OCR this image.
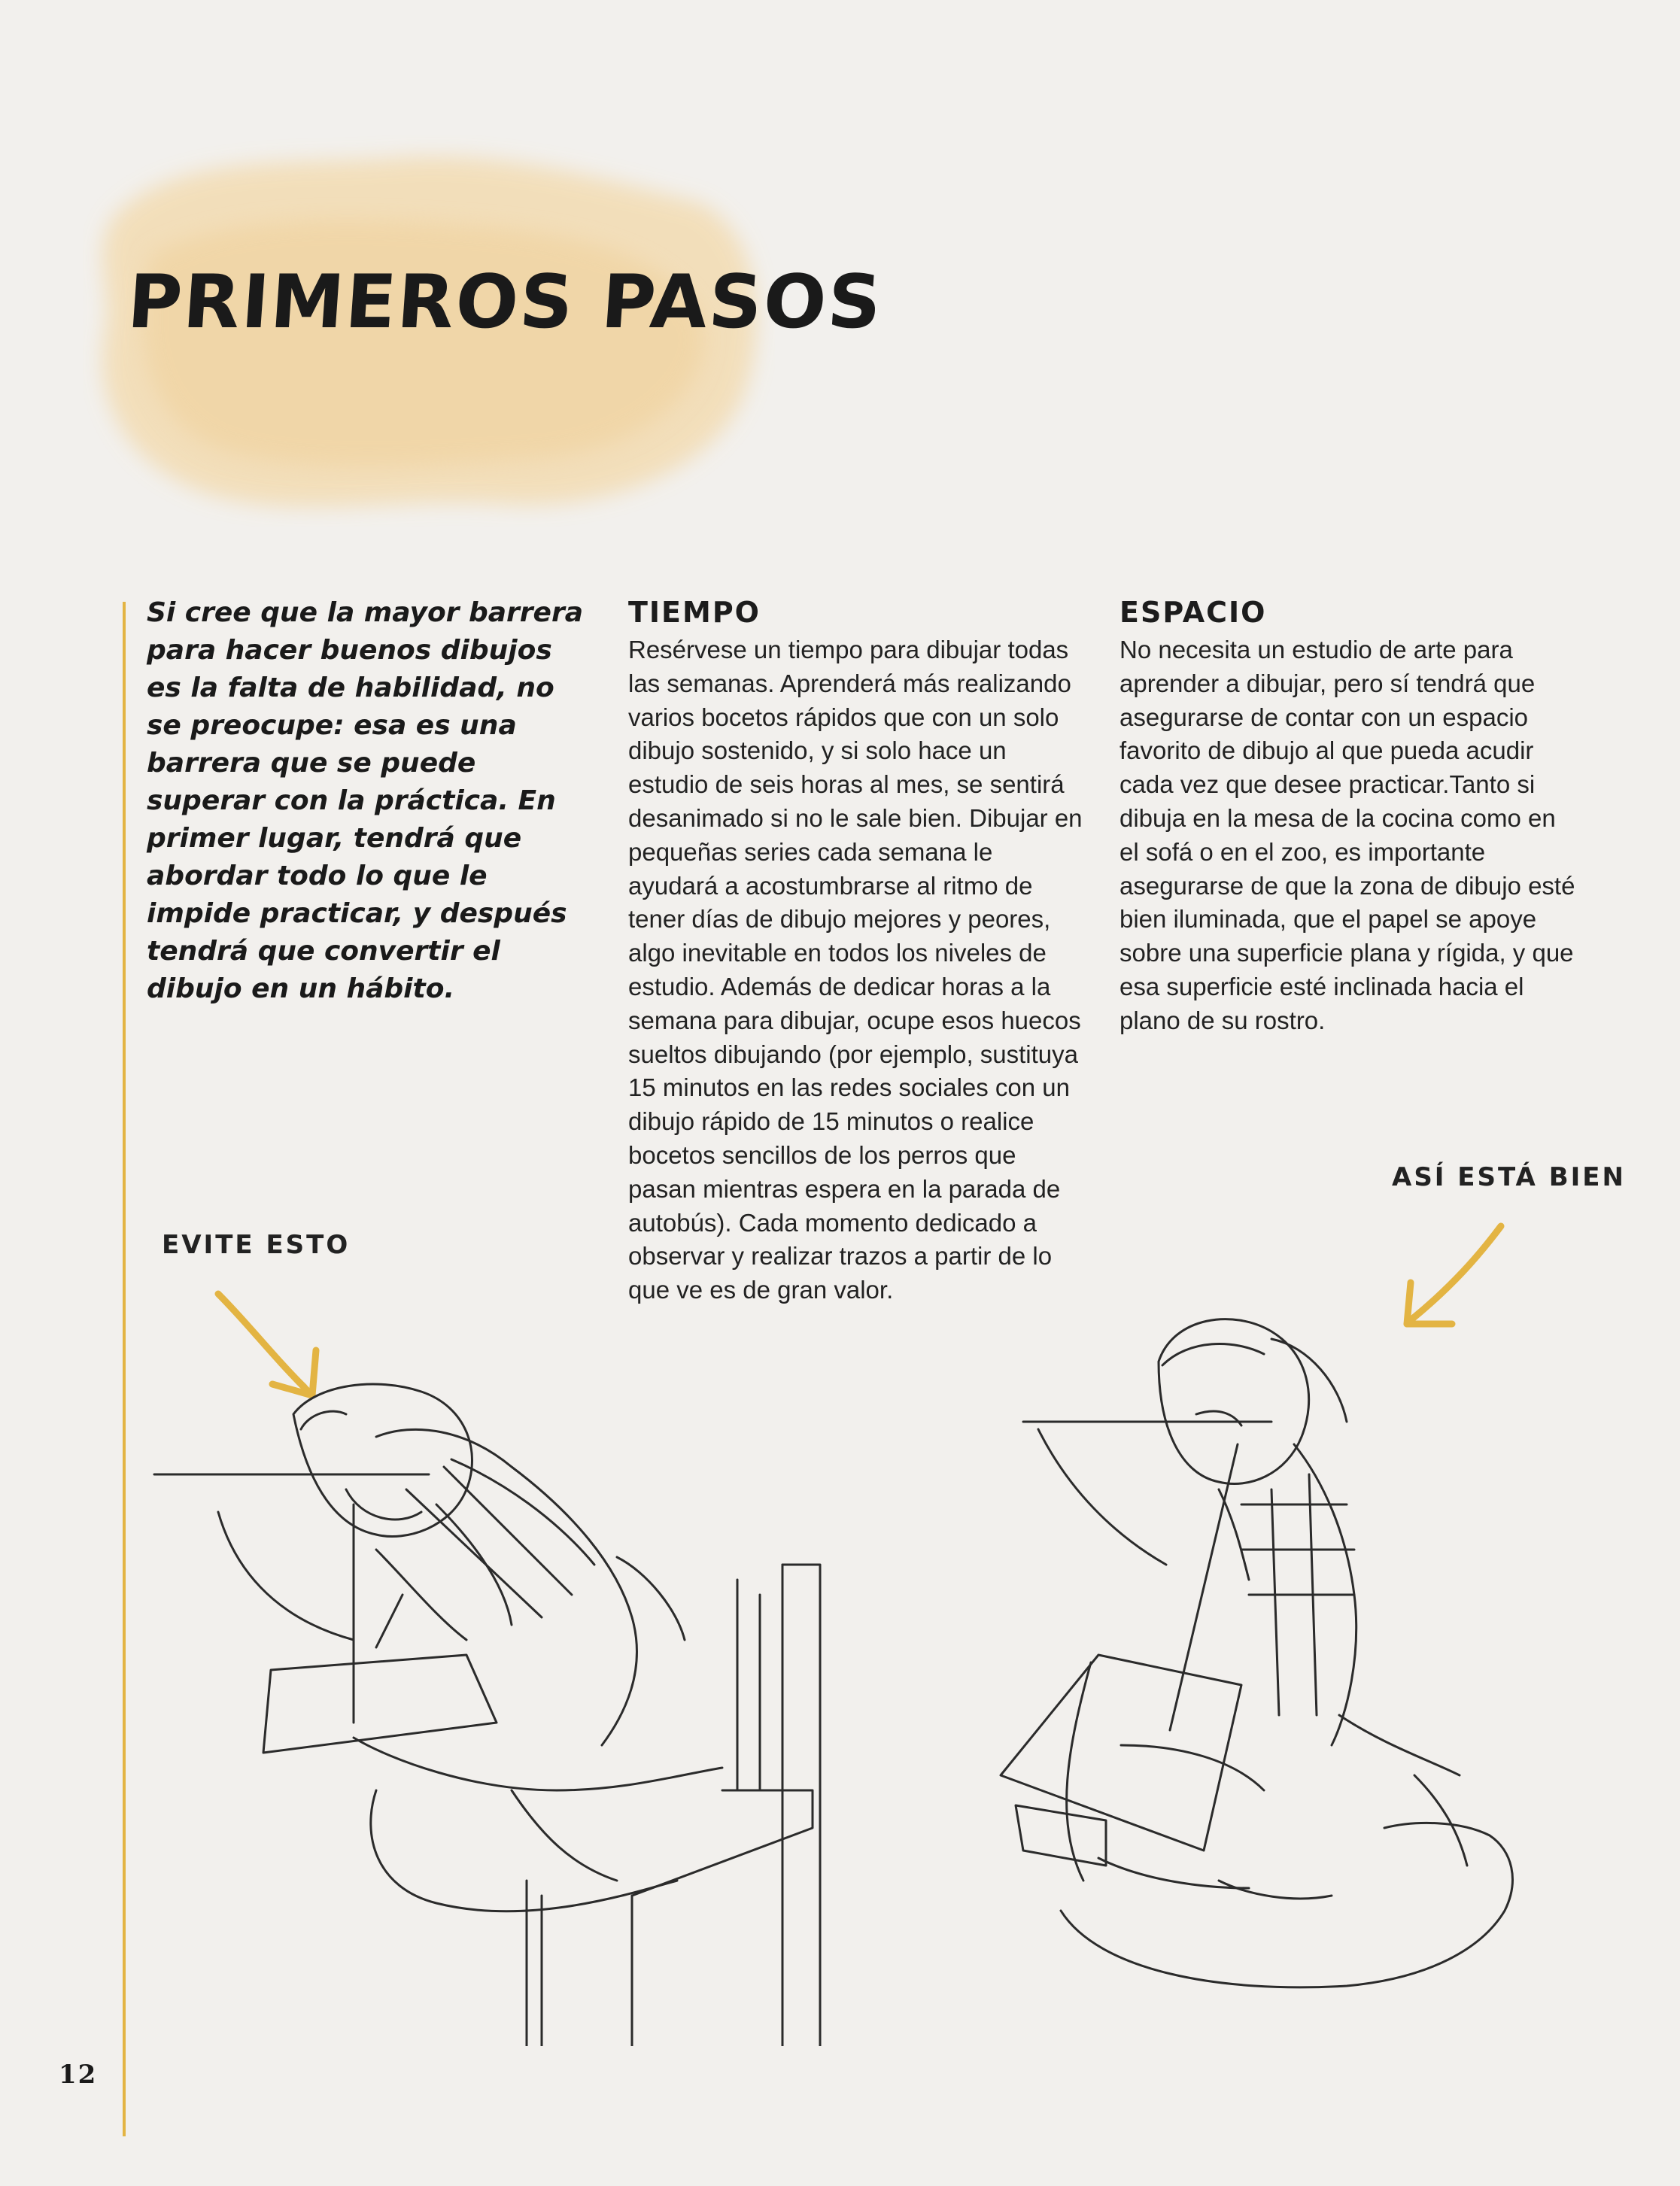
PRIMEROS PASOS

Si cree que la mayor barrera para hacer buenos dibujos es la falta de habilidad, no se preocupe: esa es una barrera que se puede superar con la práctica. En primer lugar, tendrá que abordar todo lo que le impide practicar, y después tendrá que convertir el dibujo en un hábito.

TIEMPO

Resérvese un tiempo para dibujar todas las semanas. Aprenderá más realizando varios bocetos rápidos que con un solo dibujo sostenido, y si solo hace un estudio de seis horas al mes, se sentirá desanimado si no le sale bien. Dibujar en pequeñas series cada semana le ayudará a acostumbrarse al ritmo de tener días de dibujo mejores y peores, algo inevitable en todos los niveles de estudio. Además de dedicar horas a la semana para dibujar, ocupe esos huecos sueltos dibujando (por ejemplo, sustituya 15 minutos en las redes sociales con un dibujo rápido de 15 minutos o realice bocetos sencillos de los perros que pasan mientras espera en la parada de autobús). Cada momento dedicado a observar y realizar trazos a partir de lo que ve es de gran valor.

ESPACIO

No necesita un estudio de arte para aprender a dibujar, pero sí tendrá que asegurarse de contar con un espacio favorito de dibujo al que pueda acudir cada vez que desee practicar.Tanto si dibuja en la mesa de la cocina como en el sofá o en el zoo, es importante asegurarse de que la zona de dibujo esté bien iluminada, que el papel se apoye sobre una superficie plana y rígida, y que esa superficie esté inclinada hacia el plano de su rostro.

EVITE ESTO
ASÍ ESTÁ BIEN
12
